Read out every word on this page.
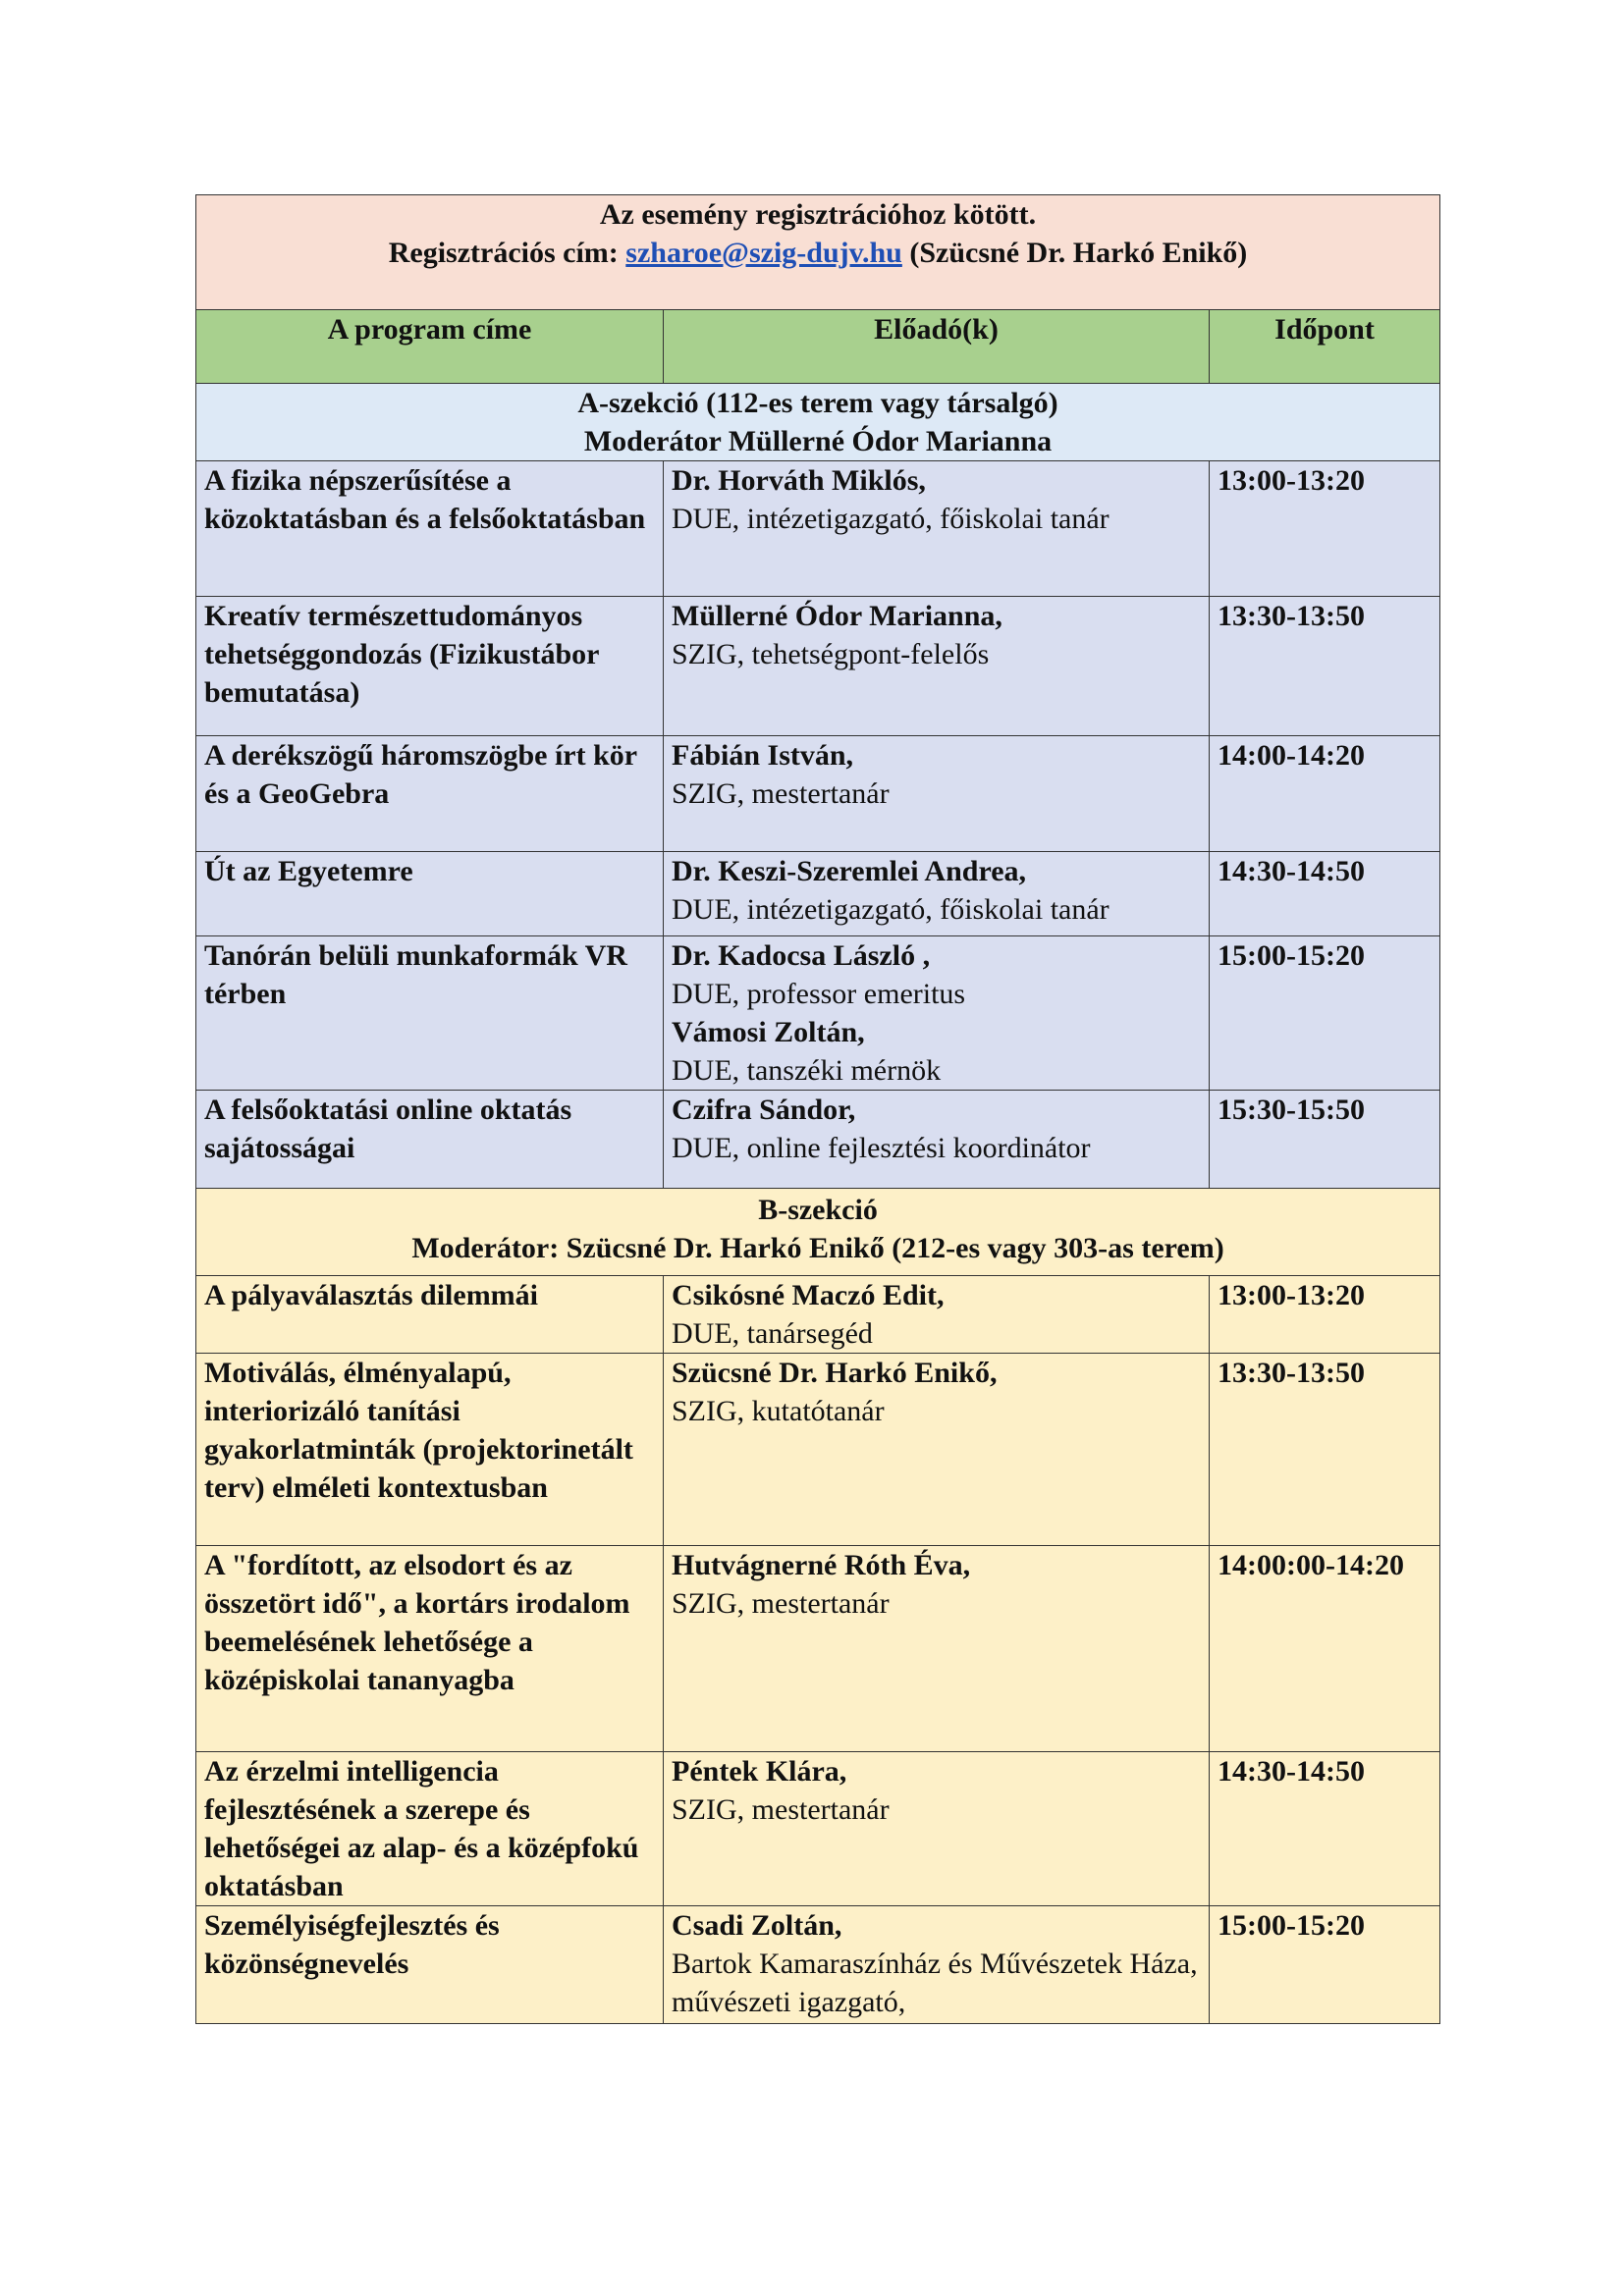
Az esemény regisztrációhoz kötött.
Regisztrációs cím: szharoe@szig-dujv.hu (Szücsné Dr. Harkó Enikő)		

A program címe	Előadó(k)	Időpont

A-szekció (112-es terem vagy társalgó)
Moderátor Müllerné Ódor Marianna		

A fizika népszerűsítése a közoktatásban és a felsőoktatásban	Dr. Horváth Miklós,
DUE, intézetigazgató, főiskolai tanár	13:00-13:20
Kreatív természettudományos tehetséggondozás (Fizikustábor bemutatása)	Müllerné Ódor Marianna,
SZIG, tehetségpont-felelős	13:30-13:50
A derékszögű háromszögbe írt kör és a GeoGebra	Fábián István,
SZIG, mestertanár	14:00-14:20
Út az Egyetemre	Dr. Keszi-Szeremlei Andrea,
DUE, intézetigazgató, főiskolai tanár	14:30-14:50
Tanórán belüli munkaformák VR térben	Dr. Kadocsa László ,
DUE, professor emeritus
Vámosi Zoltán,
DUE, tanszéki mérnök	15:00-15:20
A felsőoktatási online oktatás sajátosságai	Czifra Sándor,
DUE, online fejlesztési koordinátor	15:30-15:50

B-szekció
Moderátor: Szücsné Dr. Harkó Enikő (212-es vagy 303-as terem)		

A pályaválasztás dilemmái	Csikósné Maczó Edit,
DUE, tanársegéd	13:00-13:20
Motiválás, élményalapú, interiorizáló tanítási gyakorlatminták (projektorinetált terv) elméleti kontextusban	Szücsné Dr. Harkó Enikő,
SZIG, kutatótanár	13:30-13:50
A "fordított, az elsodort és az összetört idő", a kortárs irodalom beemelésének lehetősége a középiskolai tananyagba	Hutvágnerné Róth Éva,
SZIG, mestertanár	14:00:00-14:20
Az érzelmi intelligencia fejlesztésének a szerepe és lehetőségei az alap- és a középfokú oktatásban	Péntek Klára,
SZIG, mestertanár	14:30-14:50
Személyiségfejlesztés és közönségnevelés	Csadi Zoltán,
Bartok Kamaraszínház és Művészetek Háza, művészeti igazgató,	15:00-15:20
